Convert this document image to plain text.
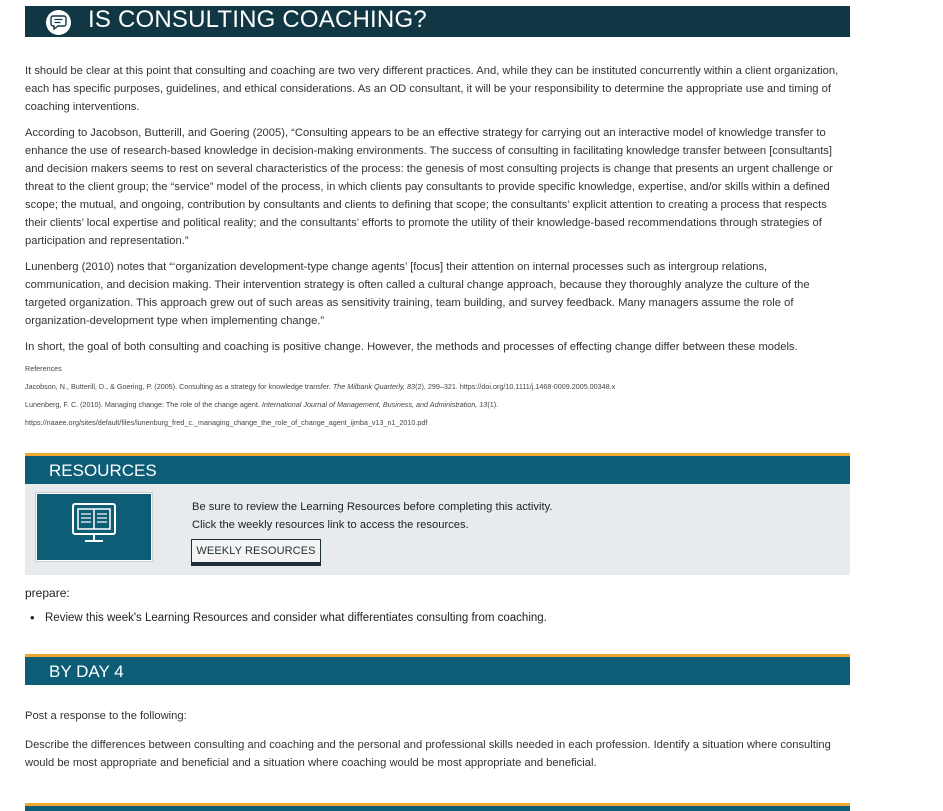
IS CONSULTING COACHING?

It should be clear at this point that consulting and coaching are two very different practices. And, while they can be instituted concurrently within a client organization, each has specific purposes, guidelines, and ethical considerations. As an OD consultant, it will be your responsibility to determine the appropriate use and timing of coaching interventions.

According to Jacobson, Butterill, and Goering (2005), “Consulting appears to be an effective strategy for carrying out an interactive model of knowledge transfer to enhance the use of research-based knowledge in decision-making environments. The success of consulting in facilitating knowledge transfer between [consultants] and decision makers seems to rest on several characteristics of the process: the genesis of most consulting projects is change that presents an urgent challenge or threat to the client group; the “service” model of the process, in which clients pay consultants to provide specific knowledge, expertise, and/or skills within a defined scope; the mutual, and ongoing, contribution by consultants and clients to defining that scope; the consultants’ explicit attention to creating a process that respects their clients’ local expertise and political reality; and the consultants’ efforts to promote the utility of their knowledge-based recommendations through strategies of participation and representation.”

Lunenberg (2010) notes that “‘organization development-type change agents’ [focus] their attention on internal processes such as intergroup relations, communication, and decision making. Their intervention strategy is often called a cultural change approach, because they thoroughly analyze the culture of the targeted organization. This approach grew out of such areas as sensitivity training, team building, and survey feedback. Many managers assume the role of organization-development type when implementing change.”

In short, the goal of both consulting and coaching is positive change. However, the methods and processes of effecting change differ between these models.

References
Jacobson, N., Butterill, D., & Goering, P. (2005). Consulting as a strategy for knowledge transfer. The Milbank Quarterly, 83(2), 299–321. https://doi.org/10.1111/j.1468-0009.2005.00348.x
Lunenberg, F. C. (2010). Managing change: The role of the change agent. International Journal of Management, Business, and Administration, 13(1).
https://naaee.org/sites/default/files/lunenburg_fred_c._managing_change_the_role_of_change_agent_ijmba_v13_n1_2010.pdf
RESOURCES
Be sure to review the Learning Resources before completing this activity.
Click the weekly resources link to access the resources.
WEEKLY RESOURCES
prepare:
• Review this week's Learning Resources and consider what differentiates consulting from coaching.
BY DAY 4
Post a response to the following:
Describe the differences between consulting and coaching and the personal and professional skills needed in each profession. Identify a situation where consulting would be most appropriate and beneficial and a situation where coaching would be most appropriate and beneficial.
